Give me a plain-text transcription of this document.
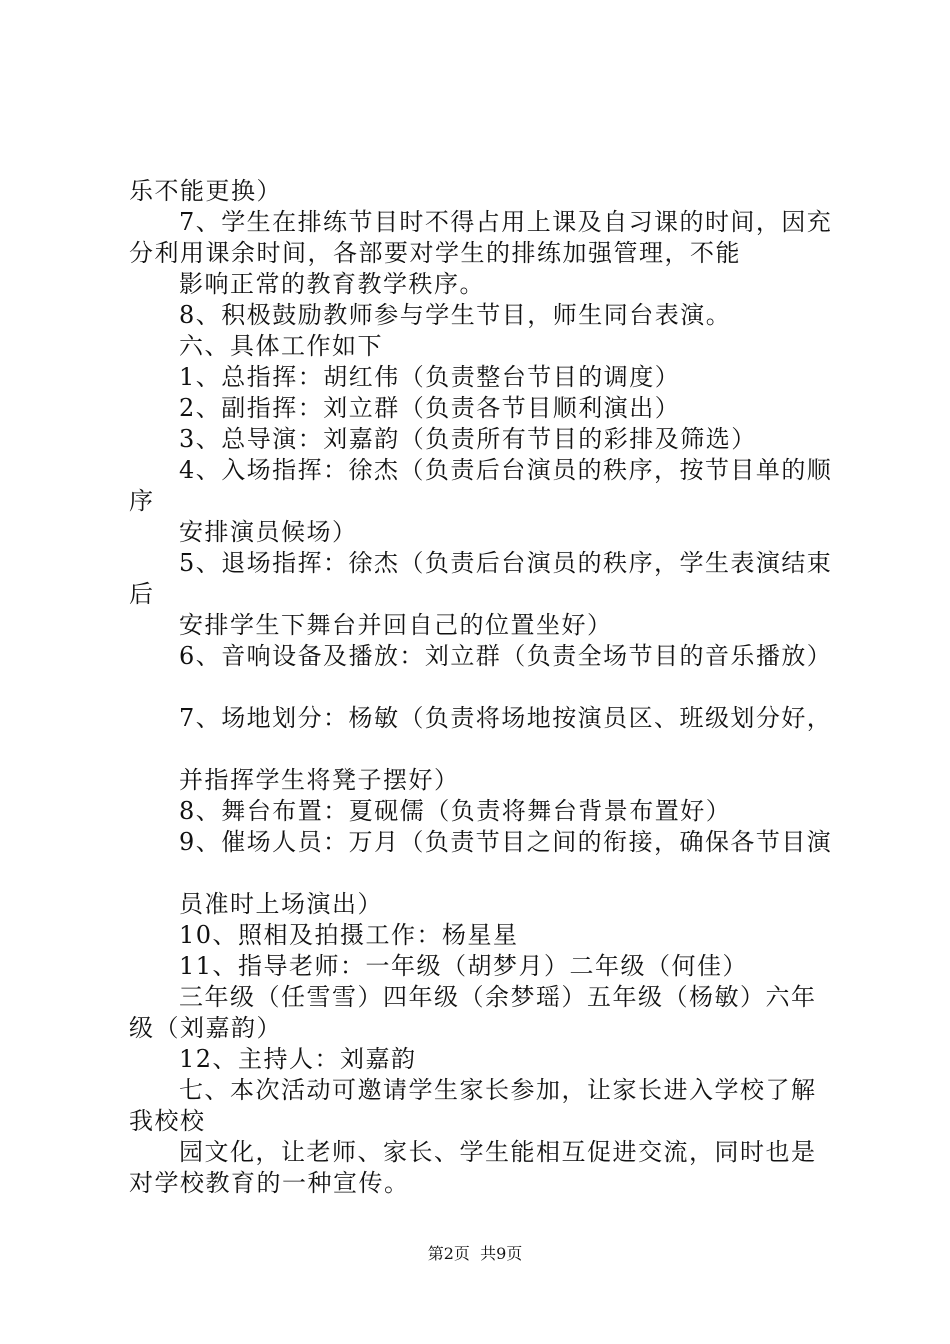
乐不能更换）
7、学生在排练节目时不得占用上课及自习课的时间，因充
分利用课余时间，各部要对学生的排练加强管理，不能
影响正常的教育教学秩序。
8、积极鼓励教师参与学生节目，师生同台表演。
六、具体工作如下
1、总指挥：胡红伟（负责整台节目的调度）
2、副指挥：刘立群（负责各节目顺利演出）
3、总导演：刘嘉韵（负责所有节目的彩排及筛选）
4、入场指挥：徐杰（负责后台演员的秩序，按节目单的顺
序
安排演员候场）
5、退场指挥：徐杰（负责后台演员的秩序，学生表演结束
后
安排学生下舞台并回自己的位置坐好）
6、音响设备及播放：刘立群（负责全场节目的音乐播放）
7、场地划分：杨敏（负责将场地按演员区、班级划分好，
并指挥学生将凳子摆好）
8、舞台布置：夏砚儒（负责将舞台背景布置好）
9、催场人员：万月（负责节目之间的衔接，确保各节目演
员准时上场演出）
10、照相及拍摄工作：杨星星
11、指导老师：一年级（胡梦月）二年级（何佳）
三年级（任雪雪）四年级（余梦瑶）五年级（杨敏）六年
级（刘嘉韵）
12、主持人：刘嘉韵
七、本次活动可邀请学生家长参加，让家长进入学校了解
我校校
园文化，让老师、家长、学生能相互促进交流，同时也是
对学校教育的一种宣传。
第2页  共9页
